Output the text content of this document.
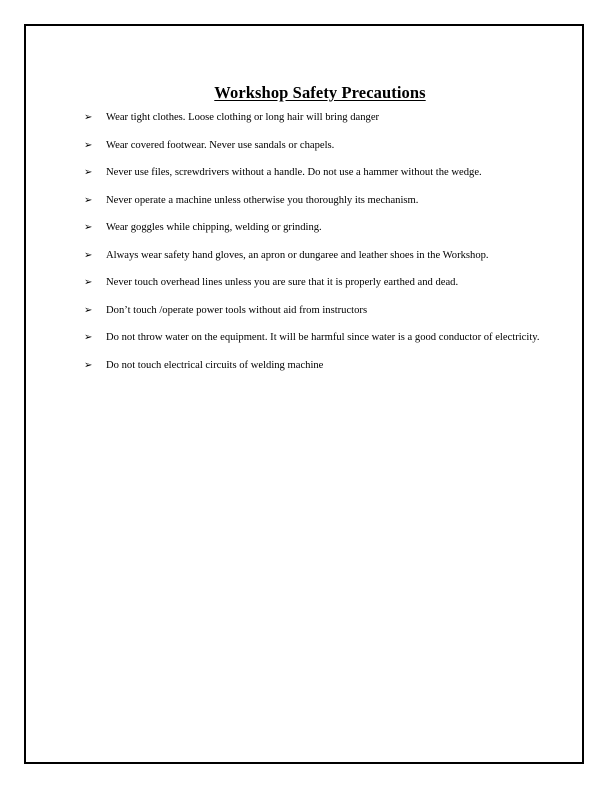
Workshop Safety Precautions
➢ Wear tight clothes. Loose clothing or long hair will bring danger
➢ Wear covered footwear. Never use sandals or chapels.
➢ Never use files, screwdrivers without a handle. Do not use a hammer without the wedge.
➢ Never operate a machine unless otherwise you thoroughly its mechanism.
➢ Wear goggles while chipping, welding or grinding.
➢ Always wear safety hand gloves, an apron or dungaree and leather shoes in the Workshop.
➢ Never touch overhead lines unless you are sure that it is properly earthed and dead.
➢ Don’t touch /operate power tools without aid from instructors
➢ Do not throw water on the equipment. It will be harmful since water is a good conductor of electricity.
➢ Do not touch electrical circuits of welding machine
